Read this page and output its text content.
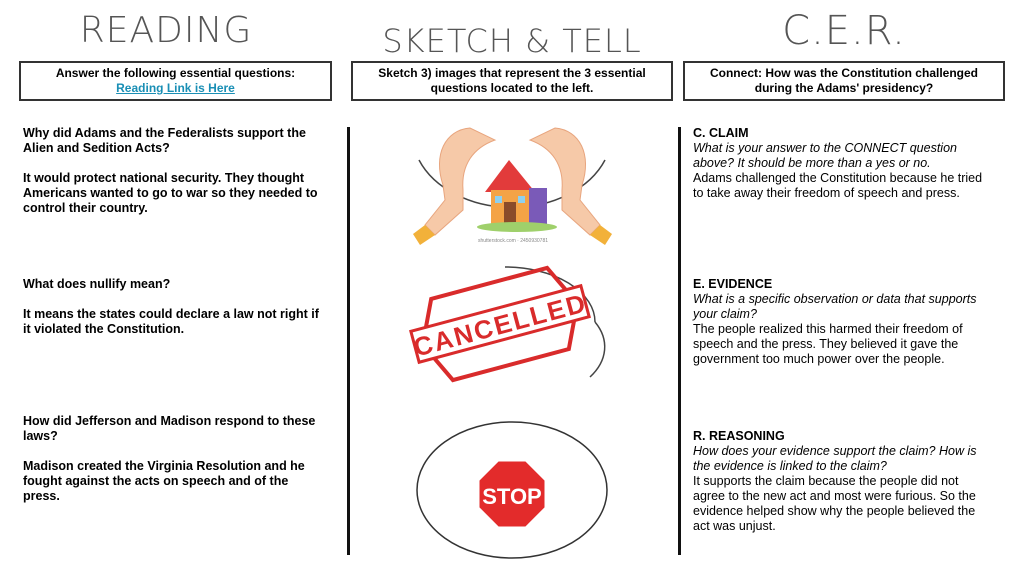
READING	SKETCH & TELL	C.E.R.
Answer the following essential questions:
Reading Link is Here
Sketch 3) images that represent the 3 essential questions located to the left.
Connect: How was the Constitution challenged during the Adams' presidency?

Why did Adams and the Federalists support the Alien and Sedition Acts?

It would protect national security. They thought Americans wanted to go to war so they needed to control their country.

What does nullify mean?

It means the states could declare a law not right if it violated the Constitution.

How did Jefferson and Madison respond to these laws?

Madison created the Virginia Resolution and he fought against the acts on speech and of the press.

shutterstock.com · 2450930781
CANCELLED
STOP
C. CLAIM
What is your answer to the CONNECT question above? It should be more than a yes or no.
Adams challenged the Constitution because he tried to take away their freedom of speech and press.
E. EVIDENCE
What is a specific observation or data that supports your claim?
The people realized this harmed their freedom of speech and the press. They believed it gave the government too much power over the people.
R. REASONING
How does your evidence support the claim? How is the evidence is linked to the claim?
It supports the claim because the people did not agree to the new act and most were furious. So the evidence helped show why the people believed the act was unjust.
